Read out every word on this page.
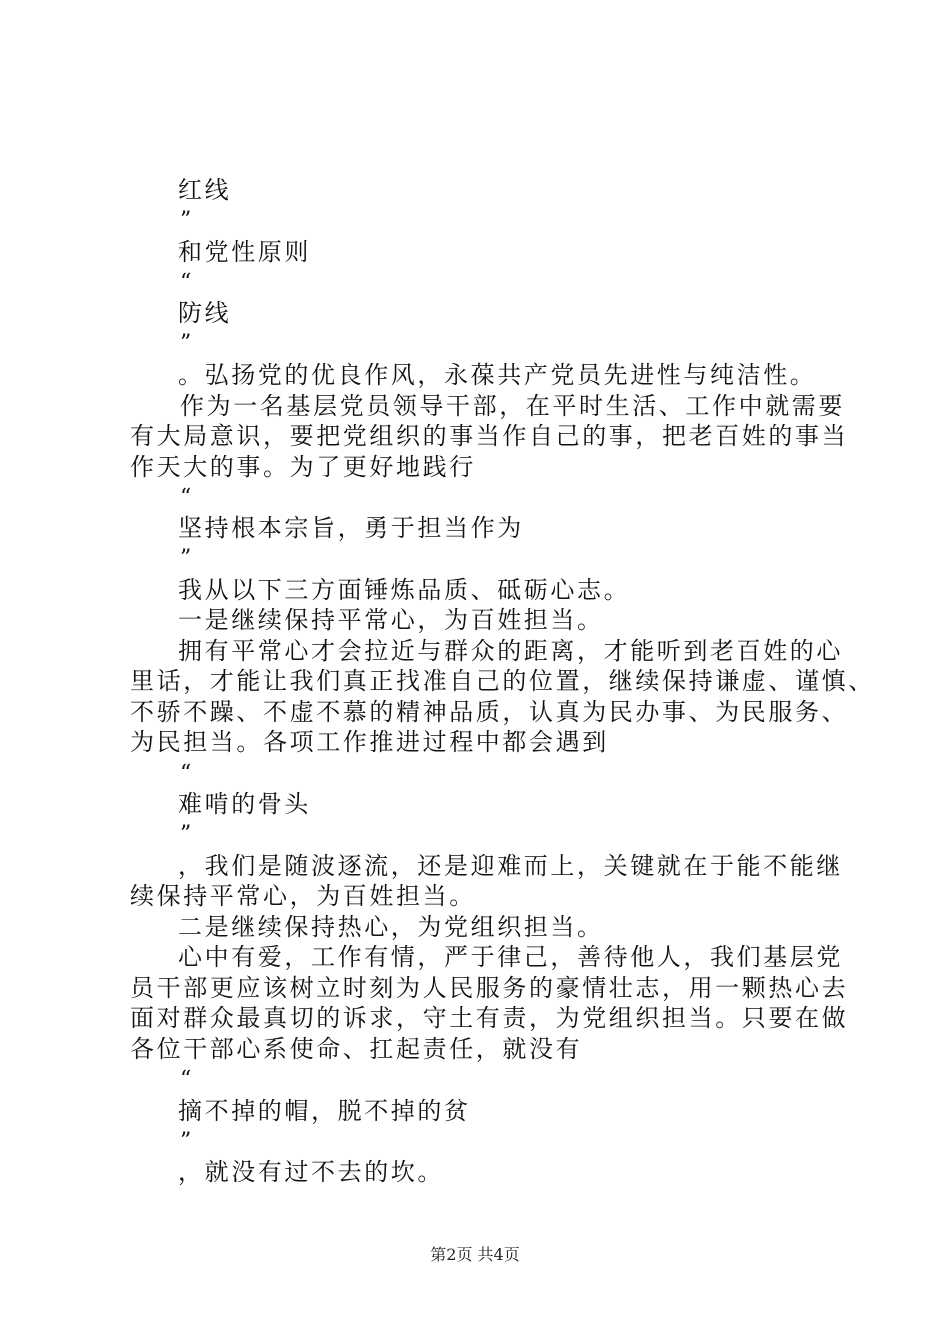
红线
”
和党性原则
“
防线
”
。弘扬党的优良作风，永葆共产党员先进性与纯洁性。
作为一名基层党员领导干部，在平时生活、工作中就需要
有大局意识，要把党组织的事当作自己的事，把老百姓的事当
作天大的事。为了更好地践行
“
坚持根本宗旨，勇于担当作为
”
我从以下三方面锤炼品质、砥砺心志。
一是继续保持平常心，为百姓担当。
拥有平常心才会拉近与群众的距离，才能听到老百姓的心
里话，才能让我们真正找准自己的位置，继续保持谦虚、谨慎、
不骄不躁、不虚不慕的精神品质，认真为民办事、为民服务、
为民担当。各项工作推进过程中都会遇到
“
难啃的骨头
”
，我们是随波逐流，还是迎难而上，关键就在于能不能继
续保持平常心，为百姓担当。
二是继续保持热心，为党组织担当。
心中有爱，工作有情，严于律己，善待他人，我们基层党
员干部更应该树立时刻为人民服务的豪情壮志，用一颗热心去
面对群众最真切的诉求，守土有责，为党组织担当。只要在做
各位干部心系使命、扛起责任，就没有
“
摘不掉的帽，脱不掉的贫
”
，就没有过不去的坎。
第2页 共4页
